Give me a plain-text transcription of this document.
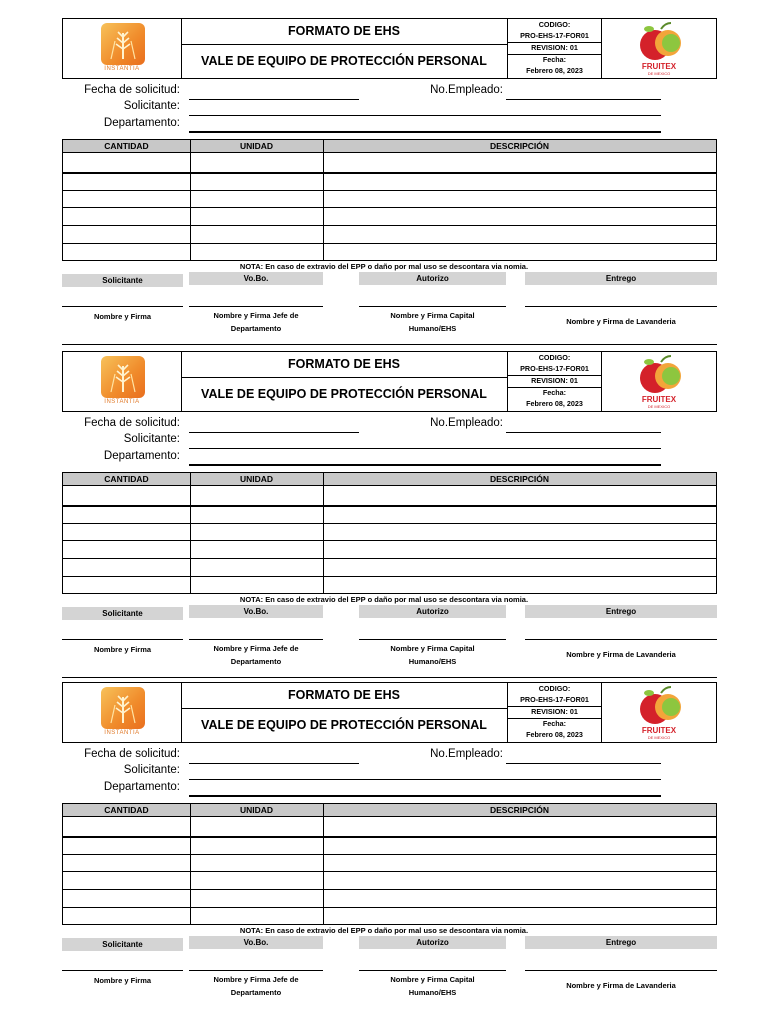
INSTANTIA
FORMATO DE EHS
VALE DE EQUIPO DE PROTECCIÓN PERSONAL
CODIGO:
PRO-EHS-17-FOR01
REVISION: 01
Fecha:
Febrero 08, 2023	FRUITEX
DE MEXICO
Fecha de solicitud:
Solicitante:
Departamento:
No.Empleado:
CANTIDAD	UNIDAD	DESCRIPCIÓN
NOTA: En caso de extravio del EPP o daño por mal uso se descontara via nomia.
Solicitante	Vo.Bo.	Autorizo	Entrego
Nombre y Firma	Nombre y Firma Jefe de
Departamento
Nombre y Firma Capital
Humano/EHS
Nombre y Firma de Lavanderia
INSTANTIA
FORMATO DE EHS
VALE DE EQUIPO DE PROTECCIÓN PERSONAL
CODIGO:
PRO-EHS-17-FOR01
REVISION: 01
Fecha:
Febrero 08, 2023	FRUITEX
DE MEXICO
Fecha de solicitud:
Solicitante:
Departamento:
No.Empleado:
CANTIDAD	UNIDAD	DESCRIPCIÓN
NOTA: En caso de extravio del EPP o daño por mal uso se descontara via nomia.
Solicitante	Vo.Bo.	Autorizo	Entrego
Nombre y Firma	Nombre y Firma Jefe de
Departamento
Nombre y Firma Capital
Humano/EHS
Nombre y Firma de Lavanderia
INSTANTIA
FORMATO DE EHS
VALE DE EQUIPO DE PROTECCIÓN PERSONAL
CODIGO:
PRO-EHS-17-FOR01
REVISION: 01
Fecha:
Febrero 08, 2023	FRUITEX
DE MEXICO
Fecha de solicitud:
Solicitante:
Departamento:
No.Empleado:
CANTIDAD	UNIDAD	DESCRIPCIÓN
NOTA: En caso de extravio del EPP o daño por mal uso se descontara via nomia.
Solicitante	Vo.Bo.	Autorizo	Entrego
Nombre y Firma	Nombre y Firma Jefe de
Departamento
Nombre y Firma Capital
Humano/EHS
Nombre y Firma de Lavanderia
